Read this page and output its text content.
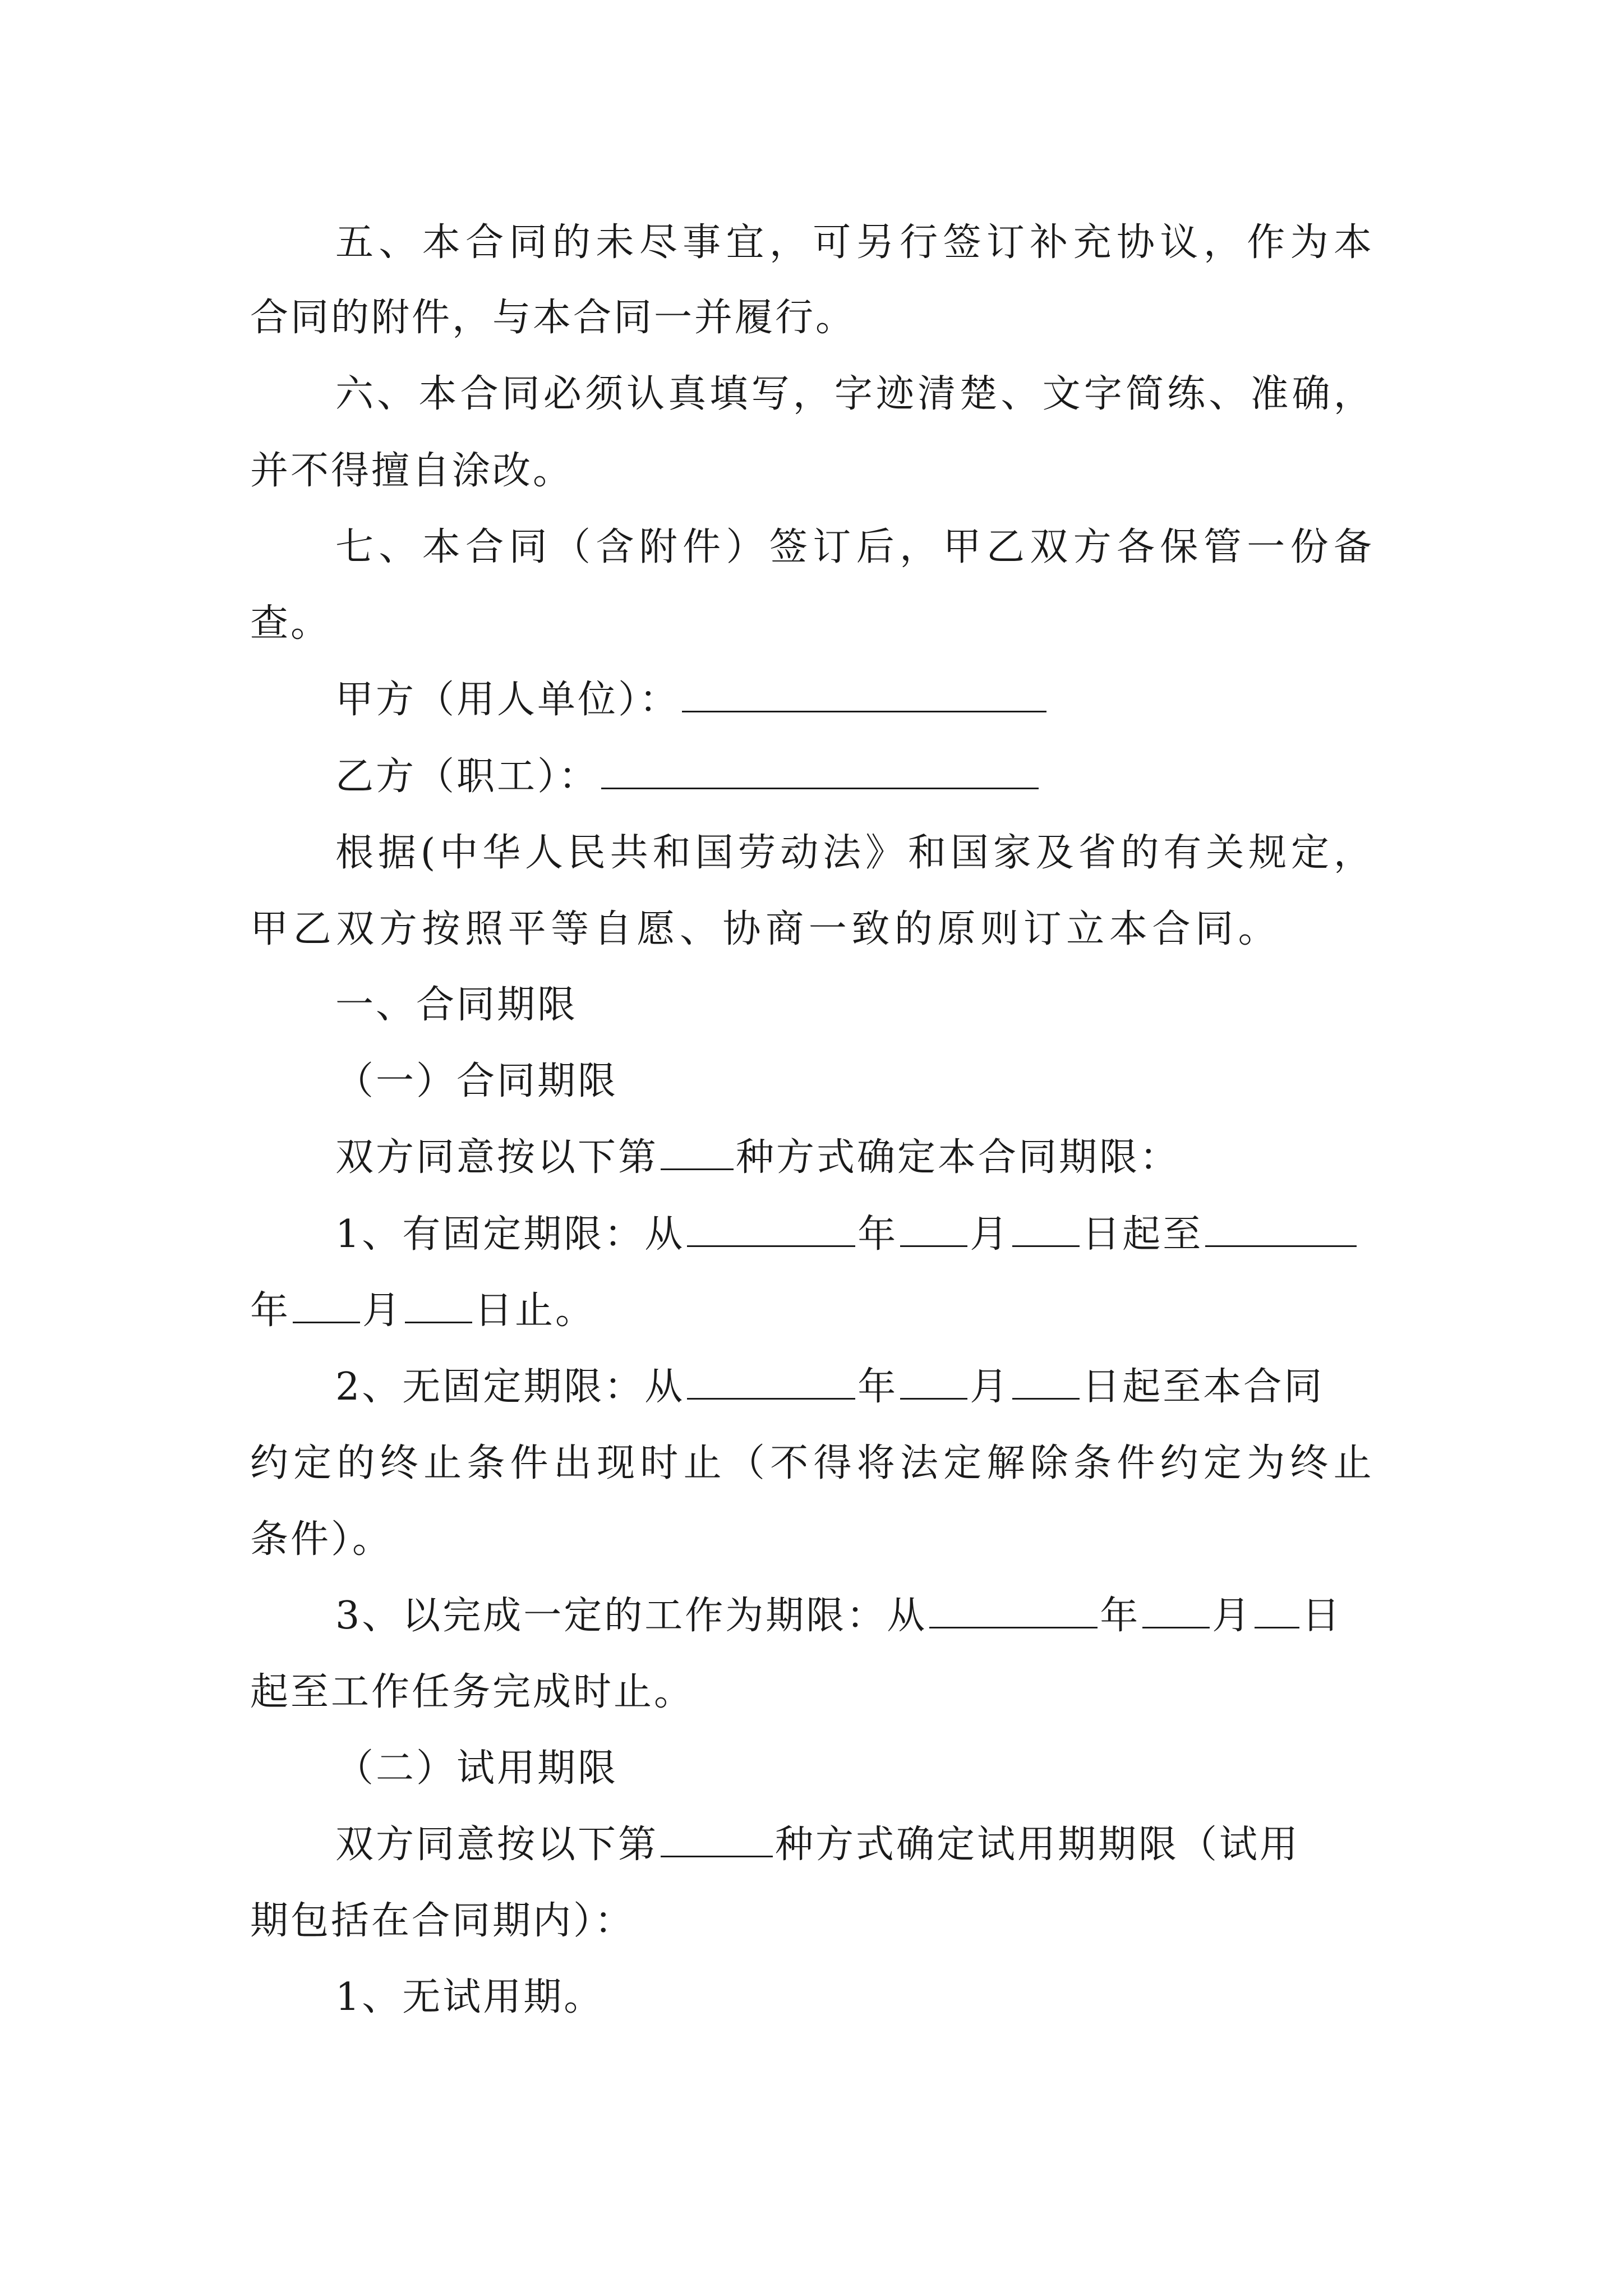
五 、 本 合 同 的 未 尽 事 宜 ， 可 另 行 签 订 补 充 协 议 ， 作 为 本
合同的附件，与本合同一并履行。
六 、 本 合 同 必 须 认 真 填 写 ， 字 迹 清 楚 、 文 字 简 练 、 准 确 ，
并不得擅自涂改。
七 、 本 合 同 （ 含 附 件 ） 签 订 后 ， 甲 乙 双 方 各 保 管 一 份 备
查。
甲方（用人单位）：
乙方（职工）：
根 据 ( 中 华 人 民 共 和 国 劳 动 法 》 和 国 家 及 省 的 有 关 规 定 ，
甲 乙 双 方 按 照 平 等 自 愿 、 协 商 一 致 的 原 则 订 立 本 合 同 。
一、合同期限
（一）合同期限
双方同意按以下第 种方式确定本合同期限：
1、有固定期限：从	年 月 日起至
年 月 日止。
2、无固定期限：从	年 月 日起至本合同
约 定 的 终 止 条 件 出 现 时 止 （ 不 得 将 法 定 解 除 条 件 约 定 为 终 止
条件）。
3、以完成一定的工作为期限：从	年 月 日
起至工作任务完成时止。
（二）试用期限
双方同意按以下第	种方式确定试用期期限（试用
期包括在合同期内）：
1、无试用期。
